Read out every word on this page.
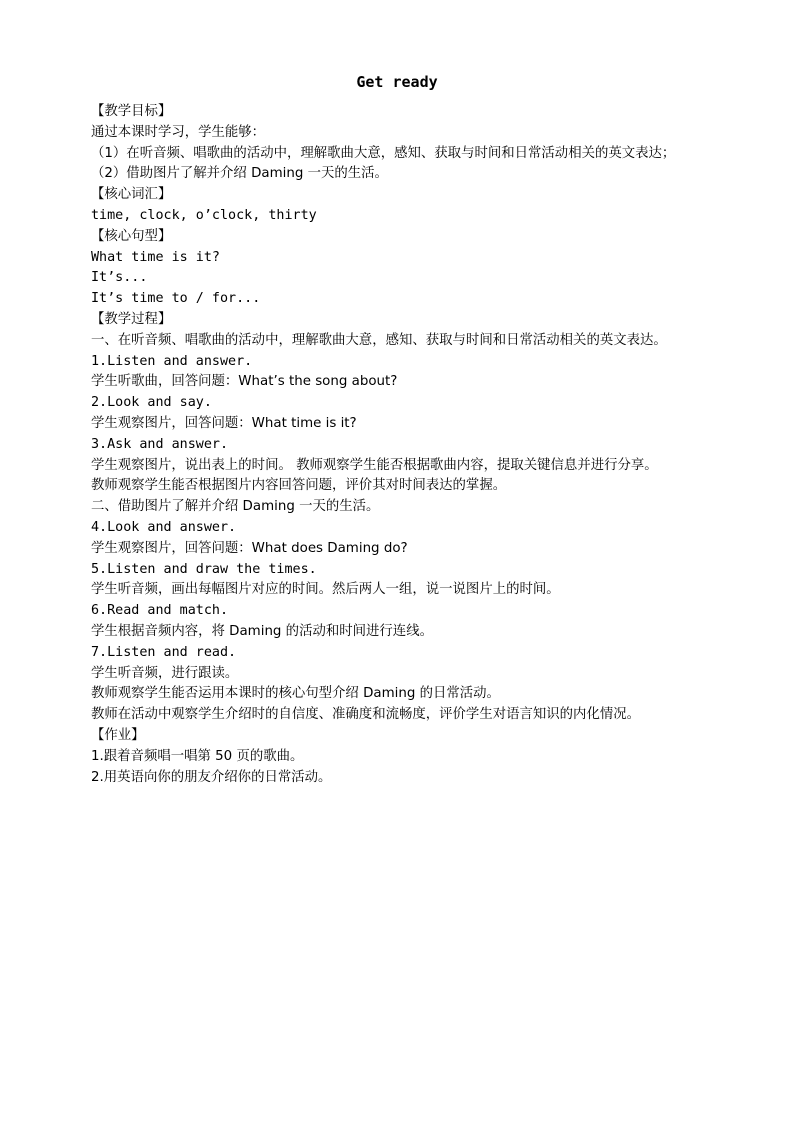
Get ready

【教学目标】

通过本课时学习，学生能够：

（1）在听音频、唱歌曲的活动中，理解歌曲大意，感知、获取与时间和日常活动相关的英文表达；

（2）借助图片了解并介绍 Daming 一天的生活。

【核心词汇】

time, clock, o’clock, thirty

【核心句型】

What time is it?

It’s...

It’s time to / for...

【教学过程】

一、在听音频、唱歌曲的活动中，理解歌曲大意，感知、获取与时间和日常活动相关的英文表达。

1.Listen and answer.

学生听歌曲，回答问题：What’s the song about?

2.Look and say.

学生观察图片，回答问题：What time is it?

3.Ask and answer.

学生观察图片，说出表上的时间。 教师观察学生能否根据歌曲内容，提取关键信息并进行分享。

教师观察学生能否根据图片内容回答问题，评价其对时间表达的掌握。

二、借助图片了解并介绍 Daming 一天的生活。

4.Look and answer.

学生观察图片，回答问题：What does Daming do?

5.Listen and draw the times.

学生听音频，画出每幅图片对应的时间。然后两人一组，说一说图片上的时间。

6.Read and match.

学生根据音频内容，将 Daming 的活动和时间进行连线。

7.Listen and read.

学生听音频，进行跟读。

教师观察学生能否运用本课时的核心句型介绍 Daming 的日常活动。

教师在活动中观察学生介绍时的自信度、准确度和流畅度，评价学生对语言知识的内化情况。

【作业】

1.跟着音频唱一唱第 50 页的歌曲。

2.用英语向你的朋友介绍你的日常活动。
